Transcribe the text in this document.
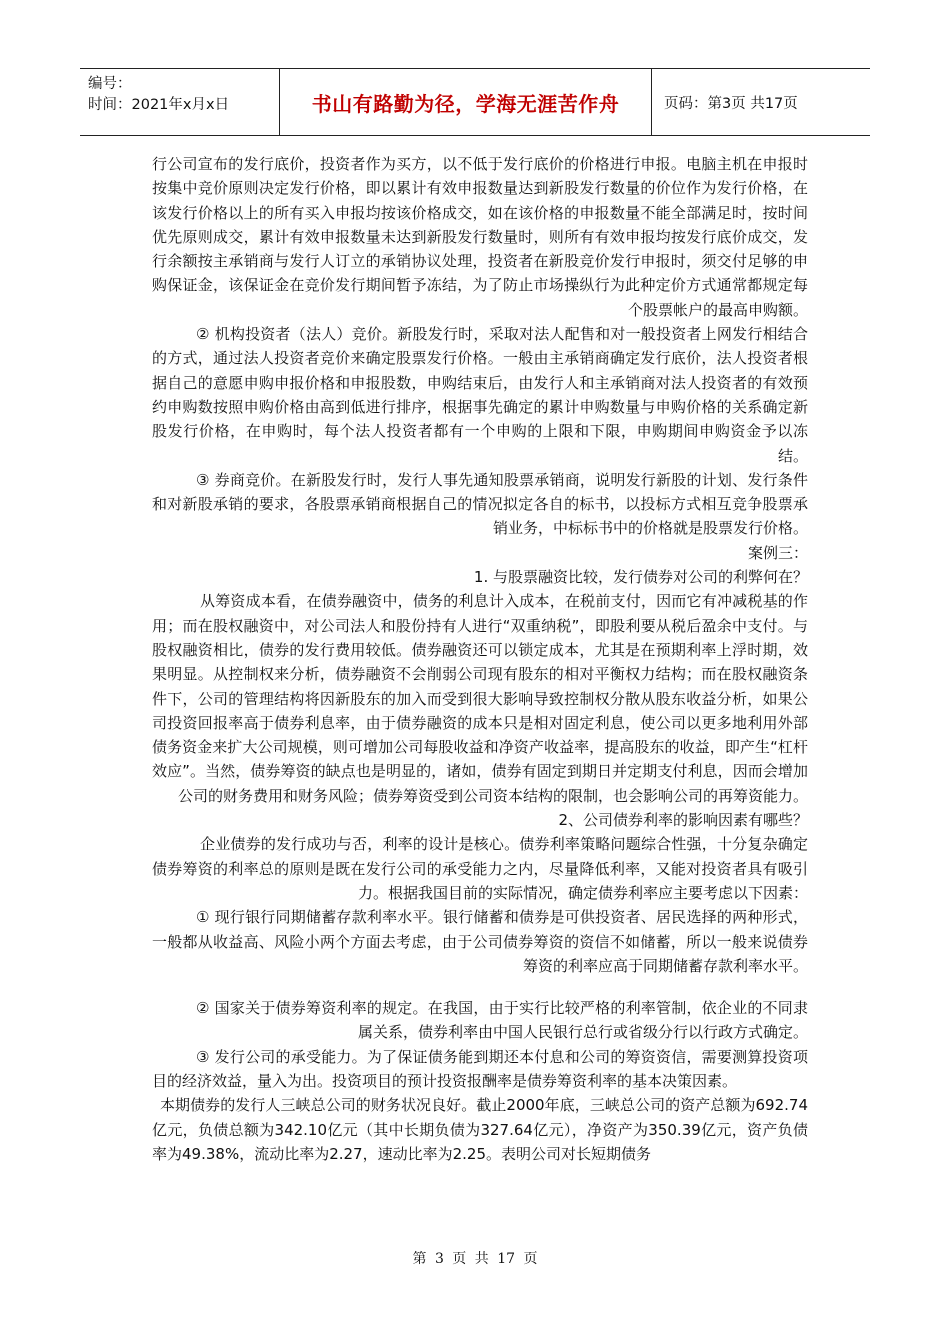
编号：
时间：2021年x月x日	书山有路勤为径，学海无涯苦作舟	页码：第3页 共17页

行公司宣布的发行底价，投资者作为买方，以不低于发行底价的价格进行申报。电脑主机在申报时按集中竞价原则决定发行价格，即以累计有效申报数量达到新股发行数量的价位作为发行价格，在该发行价格以上的所有买入申报均按该价格成交，如在该价格的申报数量不能全部满足时，按时间优先原则成交，累计有效申报数量未达到新股发行数量时，则所有有效申报均按发行底价成交，发行余额按主承销商与发行人订立的承销协议处理，投资者在新股竞价发行申报时，须交付足够的申购保证金，该保证金在竞价发行期间暂予冻结，为了防止市场操纵行为此种定价方式通常都规定每个股票帐户的最高申购额。

② 机构投资者（法人）竞价。新股发行时，采取对法人配售和对一般投资者上网发行相结合的方式，通过法人投资者竞价来确定股票发行价格。一般由主承销商确定发行底价，法人投资者根据自己的意愿申购申报价格和申报股数，申购结束后，由发行人和主承销商对法人投资者的有效预约申购数按照申购价格由高到低进行排序，根据事先确定的累计申购数量与申购价格的关系确定新股发行价格，在申购时，每个法人投资者都有一个申购的上限和下限，申购期间申购资金予以冻结。

③ 券商竞价。在新股发行时，发行人事先通知股票承销商，说明发行新股的计划、发行条件和对新股承销的要求，各股票承销商根据自己的情况拟定各自的标书，以投标方式相互竞争股票承销业务，中标标书中的价格就是股票发行价格。

案例三：

1. 与股票融资比较，发行债券对公司的利弊何在？

从筹资成本看，在债券融资中，债务的利息计入成本，在税前支付，因而它有冲减税基的作用；而在股权融资中，对公司法人和股份持有人进行“双重纳税”，即股利要从税后盈余中支付。与股权融资相比，债券的发行费用较低。债券融资还可以锁定成本，尤其是在预期利率上浮时期，效果明显。从控制权来分析，债券融资不会削弱公司现有股东的相对平衡权力结构；而在股权融资条件下，公司的管理结构将因新股东的加入而受到很大影响导致控制权分散从股东收益分析，如果公司投资回报率高于债券利息率，由于债券融资的成本只是相对固定利息，使公司以更多地利用外部债务资金来扩大公司规模，则可增加公司每股收益和净资产收益率，提高股东的收益，即产生“杠杆效应”。当然，债券筹资的缺点也是明显的，诸如，债券有固定到期日并定期支付利息，因而会增加公司的财务费用和财务风险；债券筹资受到公司资本结构的限制，也会影响公司的再筹资能力。

2、公司债券利率的影响因素有哪些？

企业债券的发行成功与否，利率的设计是核心。债券利率策略问题综合性强，十分复杂确定债券筹资的利率总的原则是既在发行公司的承受能力之内，尽量降低利率，又能对投资者具有吸引力。根据我国目前的实际情况，确定债券利率应主要考虑以下因素：

① 现行银行同期储蓄存款利率水平。银行储蓄和债券是可供投资者、居民选择的两种形式，一般都从收益高、风险小两个方面去考虑，由于公司债券筹资的资信不如储蓄，所以一般来说债券筹资的利率应高于同期储蓄存款利率水平。

② 国家关于债券筹资利率的规定。在我国，由于实行比较严格的利率管制，依企业的不同隶属关系，债券利率由中国人民银行总行或省级分行以行政方式确定。

③ 发行公司的承受能力。为了保证债务能到期还本付息和公司的筹资资信，需要测算投资项目的经济效益，量入为出。投资项目的预计投资报酬率是债券筹资利率的基本决策因素。

本期债券的发行人三峡总公司的财务状况良好。截止2000年底，三峡总公司的资产总额为692.74亿元，负债总额为342.10亿元（其中长期负债为327.64亿元），净资产为350.39亿元，资产负债率为49.38%，流动比率为2.27，速动比率为2.25。表明公司对长短期债务

第 3 页 共 17 页
